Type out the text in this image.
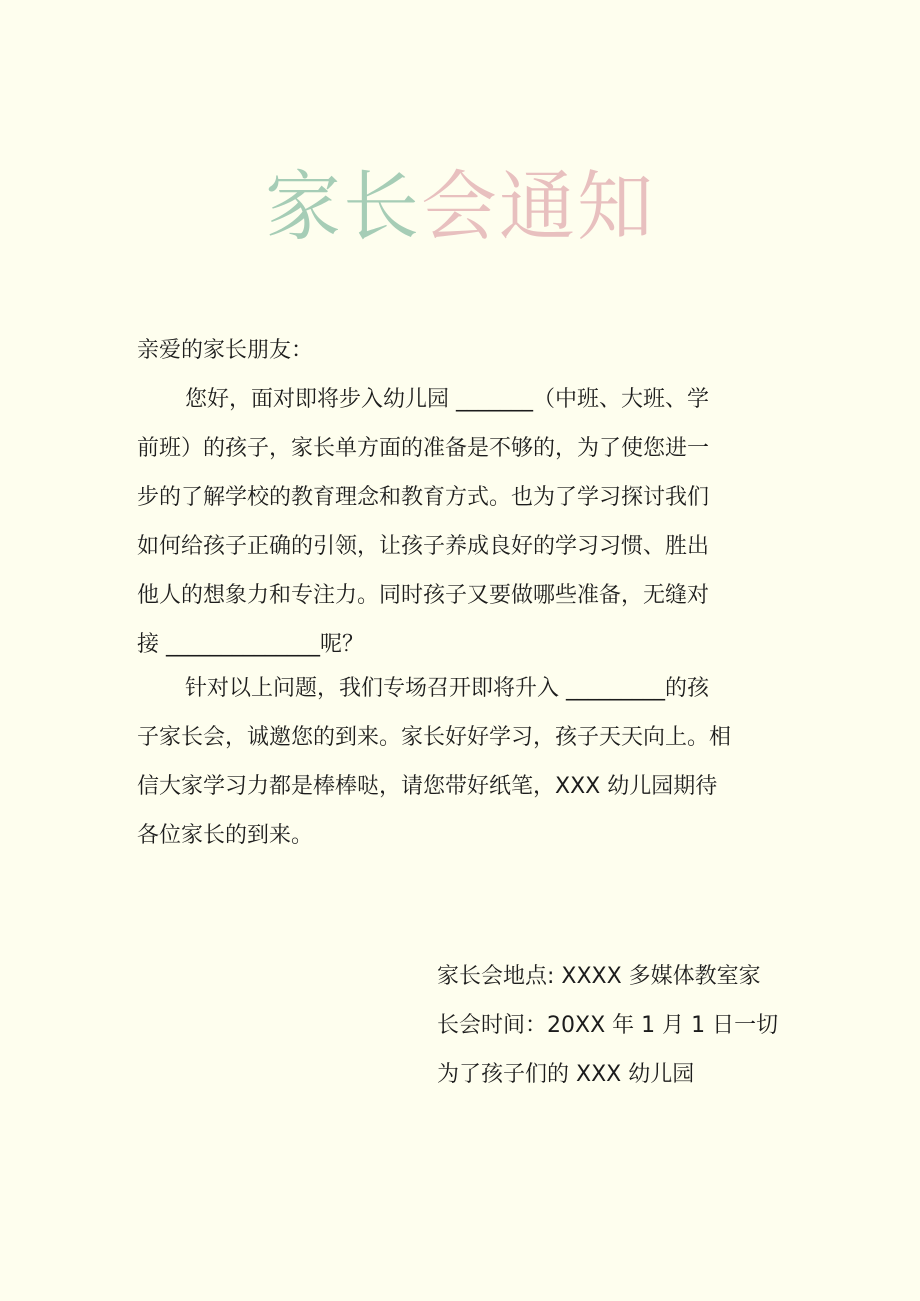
家长会通知
亲爱的家长朋友：
您好，面对即将步入幼儿园 _______（中班、大班、学
前班）的孩子，家长单方面的准备是不够的，为了使您进一
步的了解学校的教育理念和教育方式。也为了学习探讨我们
如何给孩子正确的引领，让孩子养成良好的学习习惯、胜出
他人的想象力和专注力。同时孩子又要做哪些准备，无缝对
接 ______________呢？
针对以上问题，我们专场召开即将升入 _________的孩
子家长会，诚邀您的到来。家长好好学习，孩子天天向上。相
信大家学习力都是棒棒哒，请您带好纸笔，XXX 幼儿园期待
各位家长的到来。
家长会地点: XXXX 多媒体教室家
长会时间：20XX 年 1 月 1 日一切
为了孩子们的 XXX 幼儿园
